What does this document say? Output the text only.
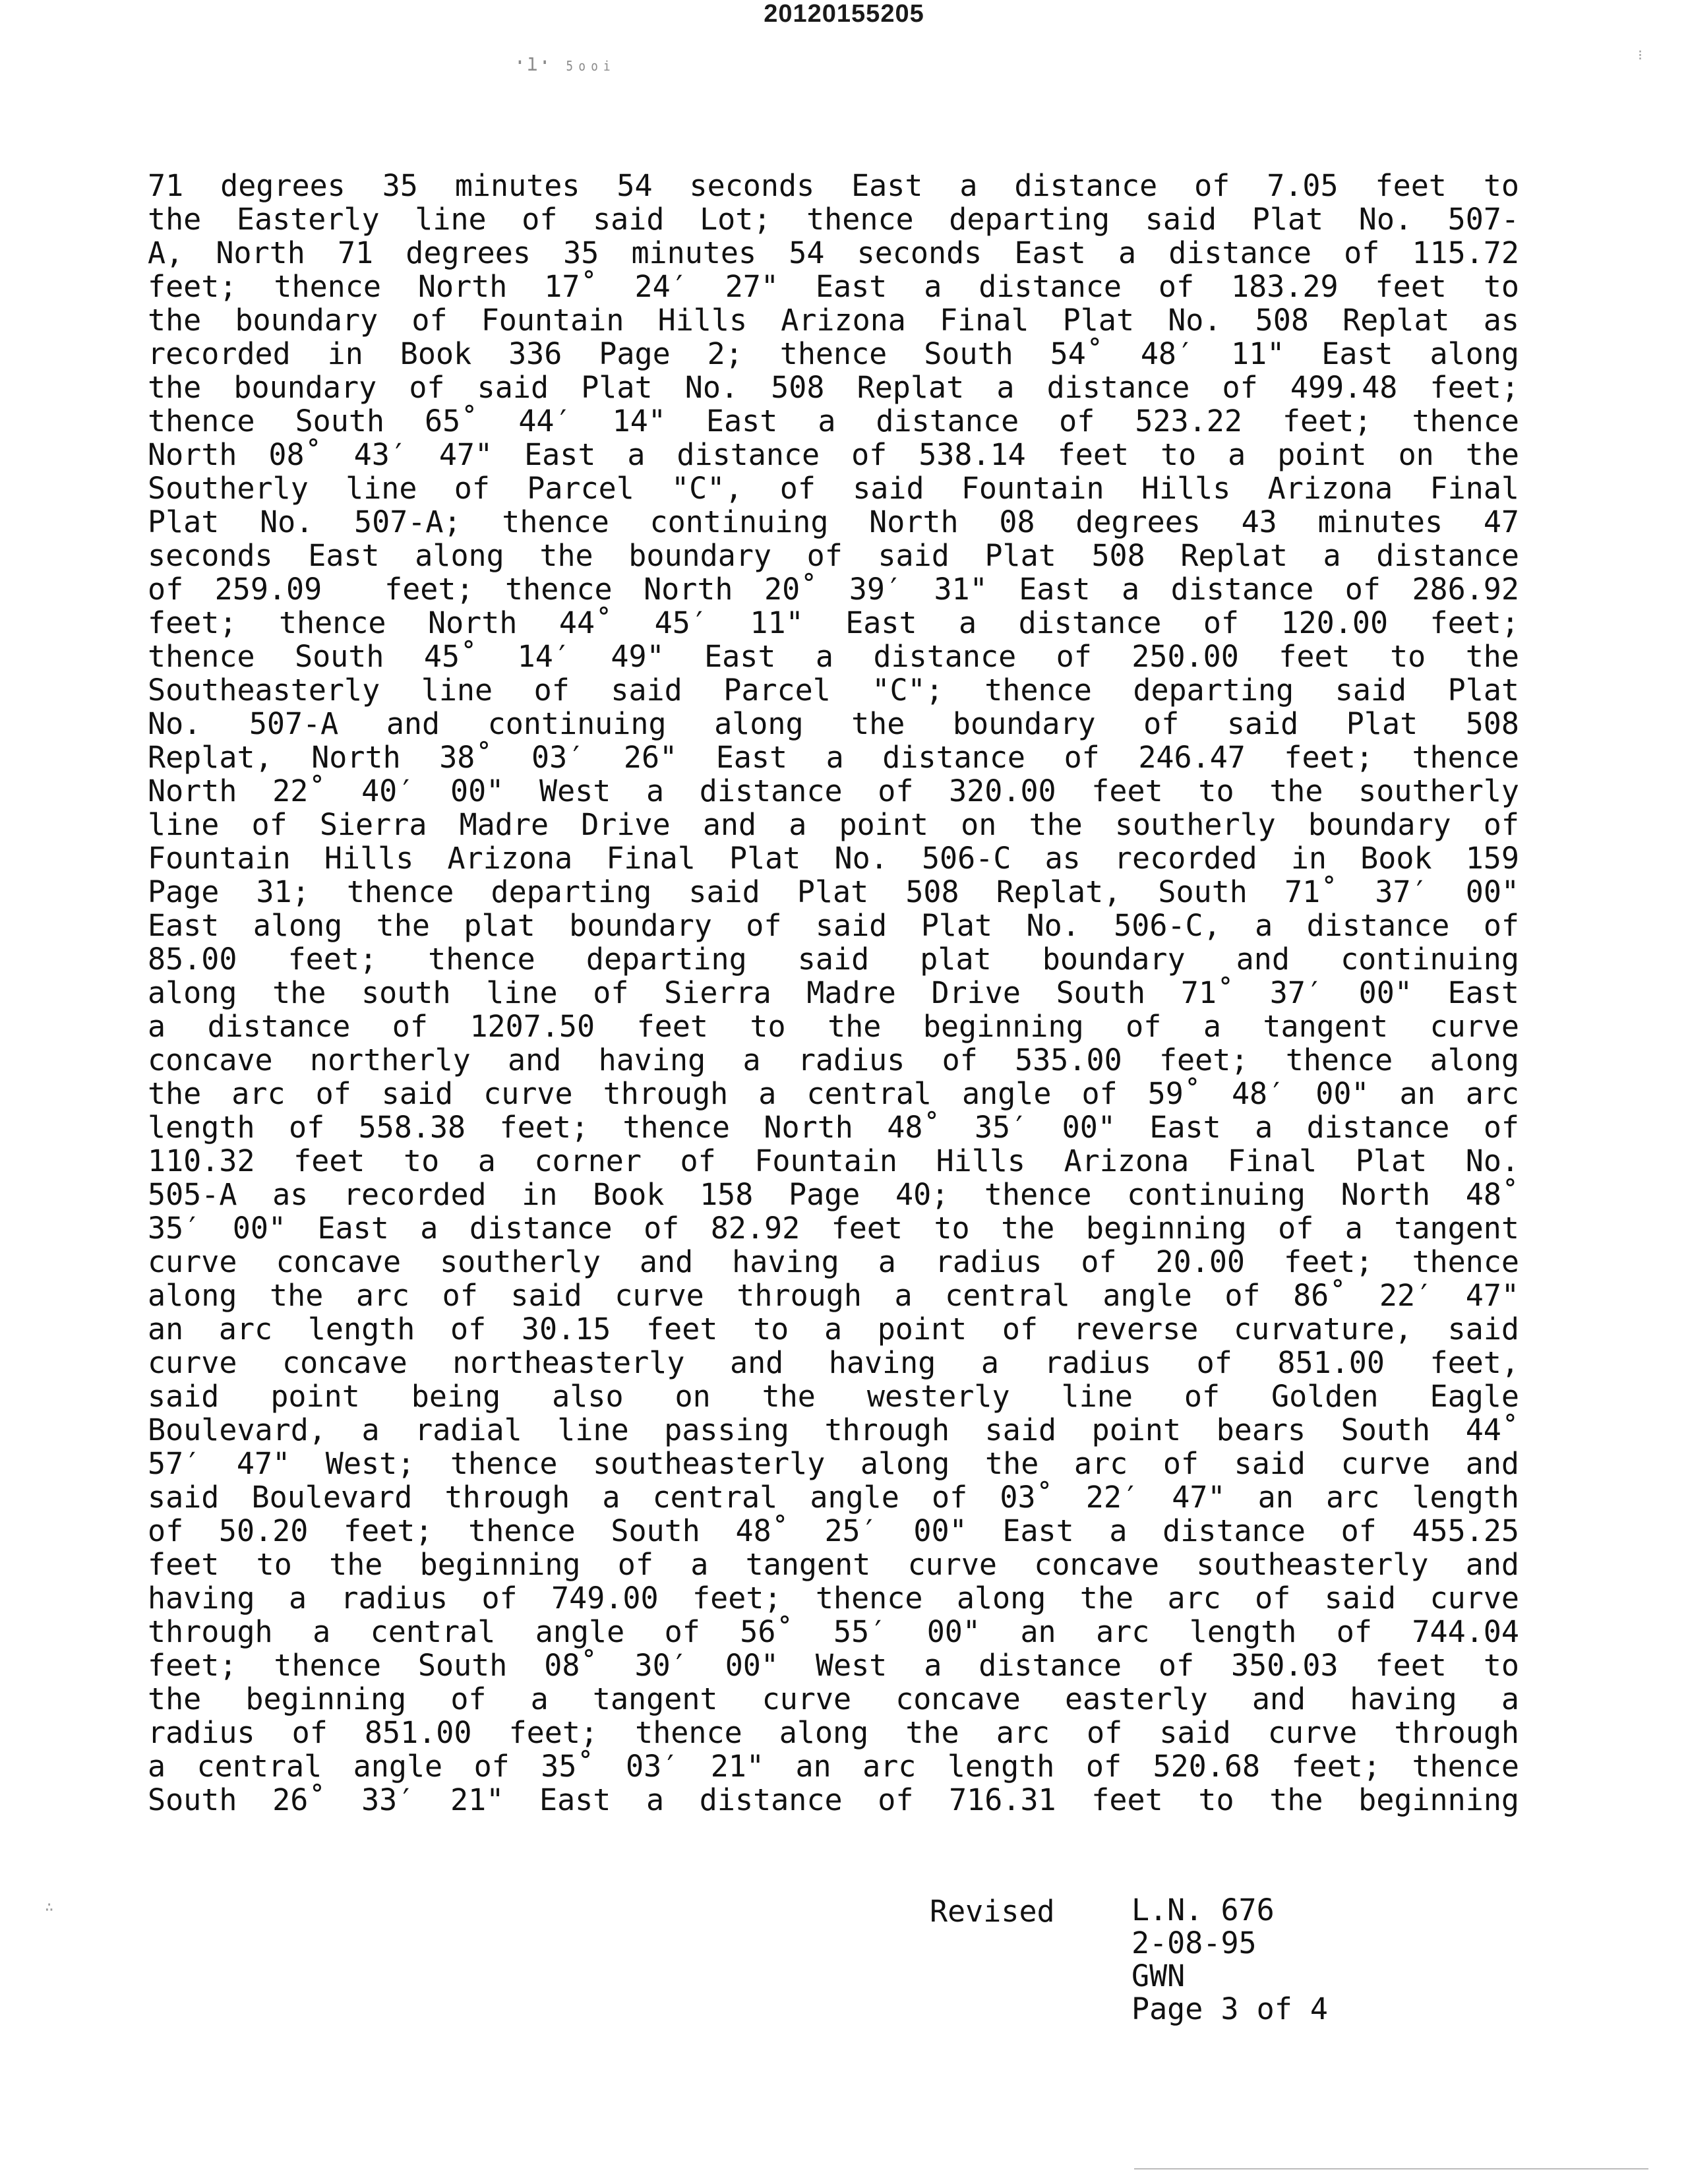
20120155205
·ı· ₅ₒₒᵢ	⁝
∴
71 degrees 35 minutes 54 seconds East a distance of 7.05 feet to
the Easterly line of said Lot; thence departing said Plat No. 507-
A, North 71 degrees 35 minutes 54 seconds East a distance of 115.72
feet; thence North 17˚ 24′ 27" East a distance of 183.29 feet to
the boundary of Fountain Hills Arizona Final Plat No. 508 Replat as
recorded in Book 336 Page 2; thence South 54˚ 48′ 11" East along
the boundary of said Plat No. 508 Replat a distance of 499.48 feet;
thence South 65˚ 44′ 14" East a distance of 523.22 feet; thence
North 08˚ 43′ 47" East a distance of 538.14 feet to a point on the
Southerly line of Parcel "C", of said Fountain Hills Arizona Final
Plat No. 507-A; thence continuing North 08 degrees 43 minutes 47
seconds East along the boundary of said Plat 508 Replat a distance
of 259.09  feet; thence North 20˚ 39′ 31" East a distance of 286.92
feet; thence North 44˚ 45′ 11" East a distance of 120.00 feet;
thence South 45˚ 14′ 49" East a distance of 250.00 feet to the
Southeasterly line of said Parcel "C"; thence departing said Plat
No. 507-A and continuing along the boundary of said Plat 508
Replat, North 38˚ 03′ 26" East a distance of 246.47 feet; thence
North 22˚ 40′ 00" West a distance of 320.00 feet to the southerly
line of Sierra Madre Drive and a point on the southerly boundary of
Fountain Hills Arizona Final Plat No. 506-C as recorded in Book 159
Page 31; thence departing said Plat 508 Replat, South 71˚ 37′ 00"
East along the plat boundary of said Plat No. 506-C, a distance of
85.00 feet; thence departing said plat boundary and continuing
along the south line of Sierra Madre Drive South 71˚ 37′ 00" East
a distance of 1207.50 feet to the beginning of a tangent curve
concave northerly and having a radius of 535.00 feet; thence along
the arc of said curve through a central angle of 59˚ 48′ 00" an arc
length of 558.38 feet; thence North 48˚ 35′ 00" East a distance of
110.32 feet to a corner of Fountain Hills Arizona Final Plat No.
505-A as recorded in Book 158 Page 40; thence continuing North 48˚
35′ 00" East a distance of 82.92 feet to the beginning of a tangent
curve concave southerly and having a radius of 20.00 feet; thence
along the arc of said curve through a central angle of 86˚ 22′ 47"
an arc length of 30.15 feet to a point of reverse curvature, said
curve concave northeasterly and having a radius of 851.00 feet,
said point being also on the westerly line of Golden Eagle
Boulevard, a radial line passing through said point bears South 44˚
57′ 47" West; thence southeasterly along the arc of said curve and
said Boulevard through a central angle of 03˚ 22′ 47" an arc length
of 50.20 feet; thence South 48˚ 25′ 00" East a distance of 455.25
feet to the beginning of a tangent curve concave southeasterly and
having a radius of 749.00 feet; thence along the arc of said curve
through a central angle of 56˚ 55′ 00" an arc length of 744.04
feet; thence South 08˚ 30′ 00" West a distance of 350.03 feet to
the beginning of a tangent curve concave easterly and having a
radius of 851.00 feet; thence along the arc of said curve through
a central angle of 35˚ 03′ 21" an arc length of 520.68 feet; thence
South 26˚ 33′ 21" East a distance of 716.31 feet to the beginning

L.N. 676

2-08-95

Revised

GWN

Page 3 of 4
